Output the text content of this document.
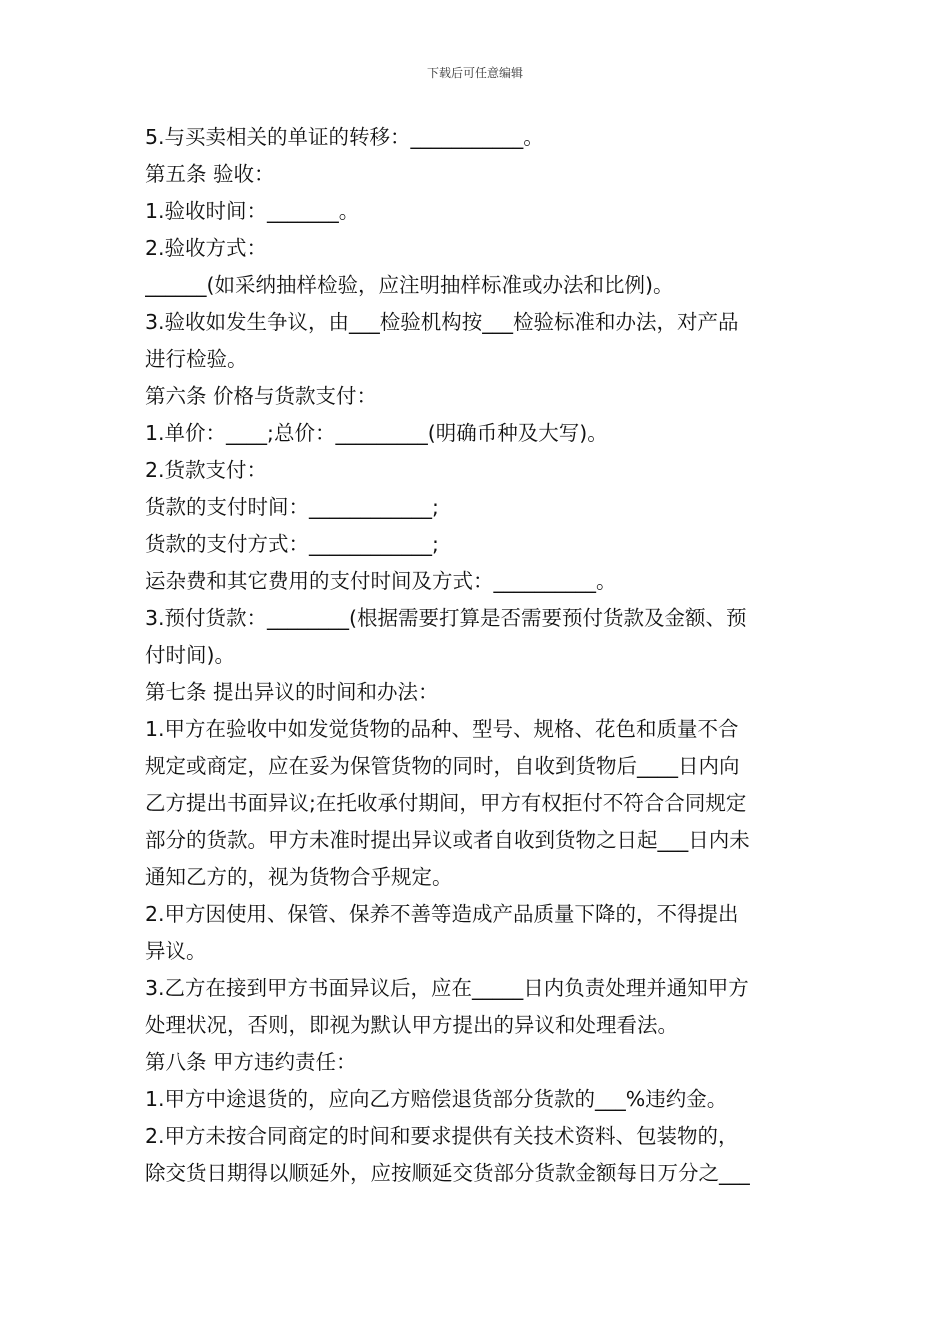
下载后可任意编辑

5.与买卖相关的单证的转移：___________。

第五条 验收：

1.验收时间：_______。

2.验收方式：

______(如采纳抽样检验，应注明抽样标准或办法和比例)。

3.验收如发生争议，由___检验机构按___检验标准和办法，对产品

进行检验。

第六条 价格与货款支付：

1.单价：____;总价：_________(明确币种及大写)。

2.货款支付：

货款的支付时间：____________;

货款的支付方式：____________;

运杂费和其它费用的支付时间及方式：__________。

3.预付货款：________(根据需要打算是否需要预付货款及金额、预

付时间)。

第七条 提出异议的时间和办法：

1.甲方在验收中如发觉货物的品种、型号、规格、花色和质量不合

规定或商定，应在妥为保管货物的同时，自收到货物后____日内向

乙方提出书面异议;在托收承付期间，甲方有权拒付不符合合同规定

部分的货款。甲方未准时提出异议或者自收到货物之日起___日内未

通知乙方的，视为货物合乎规定。

2.甲方因使用、保管、保养不善等造成产品质量下降的，不得提出

异议。

3.乙方在接到甲方书面异议后，应在_____日内负责处理并通知甲方

处理状况，否则，即视为默认甲方提出的异议和处理看法。

第八条 甲方违约责任：

1.甲方中途退货的，应向乙方赔偿退货部分货款的___%违约金。

2.甲方未按合同商定的时间和要求提供有关技术资料、包装物的，

除交货日期得以顺延外，应按顺延交货部分货款金额每日万分之___
